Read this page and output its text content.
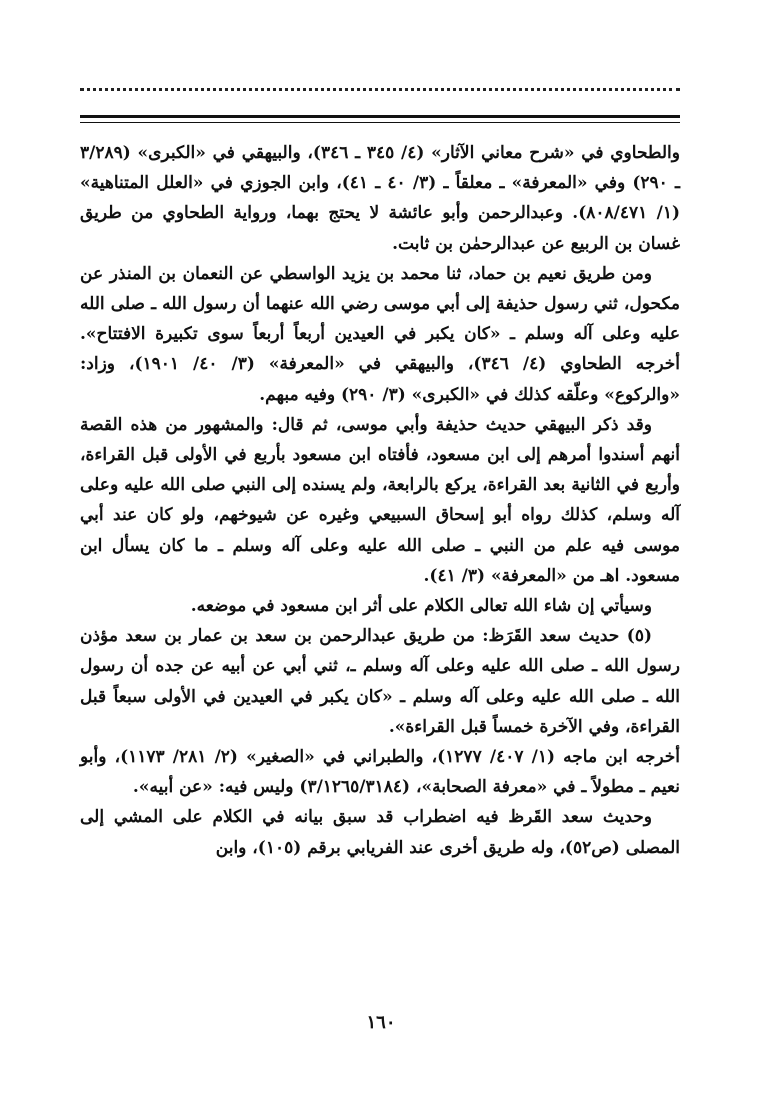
والطحاوي في «شرح معاني الآثار» (٤/ ٣٤٥ ـ ٣٤٦)، والبيهقي في «الكبرى» (٣/٢٨٩ ـ ٢٩٠) وفي «المعرفة» ـ معلقاً ـ (٣/ ٤٠ ـ ٤١)، وابن الجوزي في «العلل المتناهية» (١/ ٨٠٨/٤٧١). وعبدالرحمن وأبو عائشة لا يحتج بهما، ورواية الطحاوي من طريق غسان بن الربيع عن عبدالرحمٰن بن ثابت.

ومن طريق نعيم بن حماد، ثنا محمد بن يزيد الواسطي عن النعمان بن المنذر عن مكحول، ثني رسول حذيفة إلى أبي موسى رضي الله عنهما أن رسول الله ـ صلى الله عليه وعلى آله وسلم ـ «كان يكبر في العيدين أربعاً أربعاً سوى تكبيرة الافتتاح». أخرجه الطحاوي (٤/ ٣٤٦)، والبيهقي في «المعرفة» (٣/ ٤٠/ ١٩٠١)، وزاد: «والركوع» وعلّقه كذلك في «الكبرى» (٣/ ٢٩٠) وفيه مبهم.

وقد ذكر البيهقي حديث حذيفة وأبي موسى، ثم قال: والمشهور من هذه القصة أنهم أسندوا أمرهم إلى ابن مسعود، فأفتاه ابن مسعود بأربع في الأولى قبل القراءة، وأربع في الثانية بعد القراءة، يركع بالرابعة، ولم يسنده إلى النبي صلى الله عليه وعلى آله وسلم، كذلك رواه أبو إسحاق السبيعي وغيره عن شيوخهم، ولو كان عند أبي موسى فيه علم من النبي ـ صلى الله عليه وعلى آله وسلم ـ ما كان يسأل ابن مسعود. اهـ من «المعرفة» (٣/ ٤١).

وسيأتي إن شاء الله تعالى الكلام على أثر ابن مسعود في موضعه.

(٥) حديث سعد القَرَظ: من طريق عبدالرحمن بن سعد بن عمار بن سعد مؤذن رسول الله ـ صلى الله عليه وعلى آله وسلم ـ، ثني أبي عن أبيه عن جده أن رسول الله ـ صلى الله عليه وعلى آله وسلم ـ «كان يكبر في العيدين في الأولى سبعاً قبل القراءة، وفي الآخرة خمساً قبل القراءة».

أخرجه ابن ماجه (١/ ٤٠٧/ ١٢٧٧)، والطبراني في «الصغير» (٢/ ٢٨١/ ١١٧٣)، وأبو نعيم ـ مطولاً ـ في «معرفة الصحابة»، (٣/١٢٦٥/٣١٨٤) وليس فيه: «عن أبيه».

وحديث سعد القَرظ فيه اضطراب قد سبق بيانه في الكلام على المشي إلى المصلى (ص٥٢)، وله طريق أخرى عند الفريابي برقم (١٠٥)، وابن

١٦٠
